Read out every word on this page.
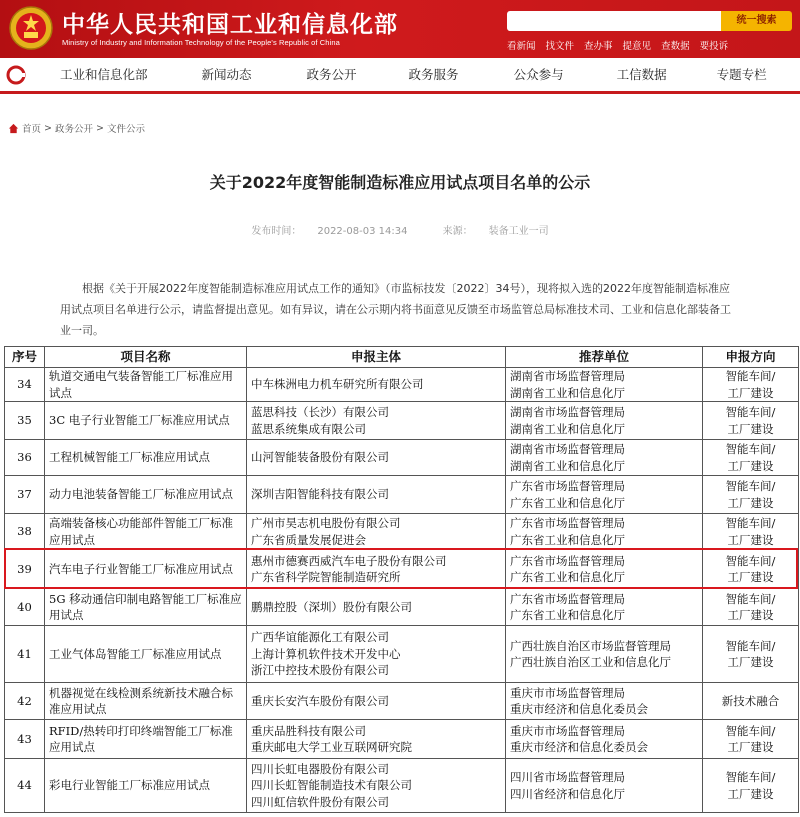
中华人民共和国工业和信息化部
Ministry of Industry and Information Technology of the People's Republic of China
统一搜索
看新闻 找文件 查办事 提意见 查数据 要投诉
工业和信息化部	新闻动态	政务公开	政务服务	公众参与	工信数据	专题专栏
首页 > 政务公开 > 文件公示
关于2022年度智能制造标准应用试点项目名单的公示
发布时间： 2022-08-03 14:34	来源： 装备工业一司
根据《关于开展2022年度智能制造标准应用试点工作的通知》（市监标技发〔2022〕34号），现将拟入选的2022年度智能制造标准应用试点项目名单进行公示，请监督提出意见。如有异议，请在公示期内将书面意见反馈至市场监管总局标准技术司、工业和信息化部装备工业一司。
序号	项目名称	申报主体	推荐单位	申报方向
34	轨道交通电气装备智能工厂标准应用试点	中车株洲电力机车研究所有限公司	湖南省市场监督管理局
湖南省工业和信息化厅	智能车间/
工厂建设

35	3C 电子行业智能工厂标准应用试点	蓝思科技（长沙）有限公司
蓝思系统集成有限公司	湖南省市场监督管理局
湖南省工业和信息化厅	智能车间/
工厂建设

36	工程机械智能工厂标准应用试点	山河智能装备股份有限公司	湖南省市场监督管理局
湖南省工业和信息化厅	智能车间/
工厂建设

37	动力电池装备智能工厂标准应用试点	深圳吉阳智能科技有限公司	广东省市场监督管理局
广东省工业和信息化厅	智能车间/
工厂建设

38	高端装备核心功能部件智能工厂标准应用试点	广州市昊志机电股份有限公司
广东省质量发展促进会	广东省市场监督管理局
广东省工业和信息化厅	智能车间/
工厂建设

39	汽车电子行业智能工厂标准应用试点	惠州市德赛西威汽车电子股份有限公司
广东省科学院智能制造研究所	广东省市场监督管理局
广东省工业和信息化厅	智能车间/
工厂建设

40	5G 移动通信印制电路智能工厂标准应用试点	鹏鼎控股（深圳）股份有限公司	广东省市场监督管理局
广东省工业和信息化厅	智能车间/
工厂建设

41	工业气体岛智能工厂标准应用试点	广西华谊能源化工有限公司
上海计算机软件技术开发中心
浙江中控技术股份有限公司	广西壮族自治区市场监督管理局
广西壮族自治区工业和信息化厅	智能车间/
工厂建设

42	机器视觉在线检测系统新技术融合标准应用试点	重庆长安汽车股份有限公司	重庆市市场监督管理局
重庆市经济和信息化委员会	新技术融合

43	RFID/热转印打印终端智能工厂标准应用试点	重庆品胜科技有限公司
重庆邮电大学工业互联网研究院	重庆市市场监督管理局
重庆市经济和信息化委员会	智能车间/
工厂建设

44	彩电行业智能工厂标准应用试点	四川长虹电器股份有限公司
四川长虹智能制造技术有限公司
四川虹信软件股份有限公司	四川省市场监督管理局
四川省经济和信息化厅	智能车间/
工厂建设
